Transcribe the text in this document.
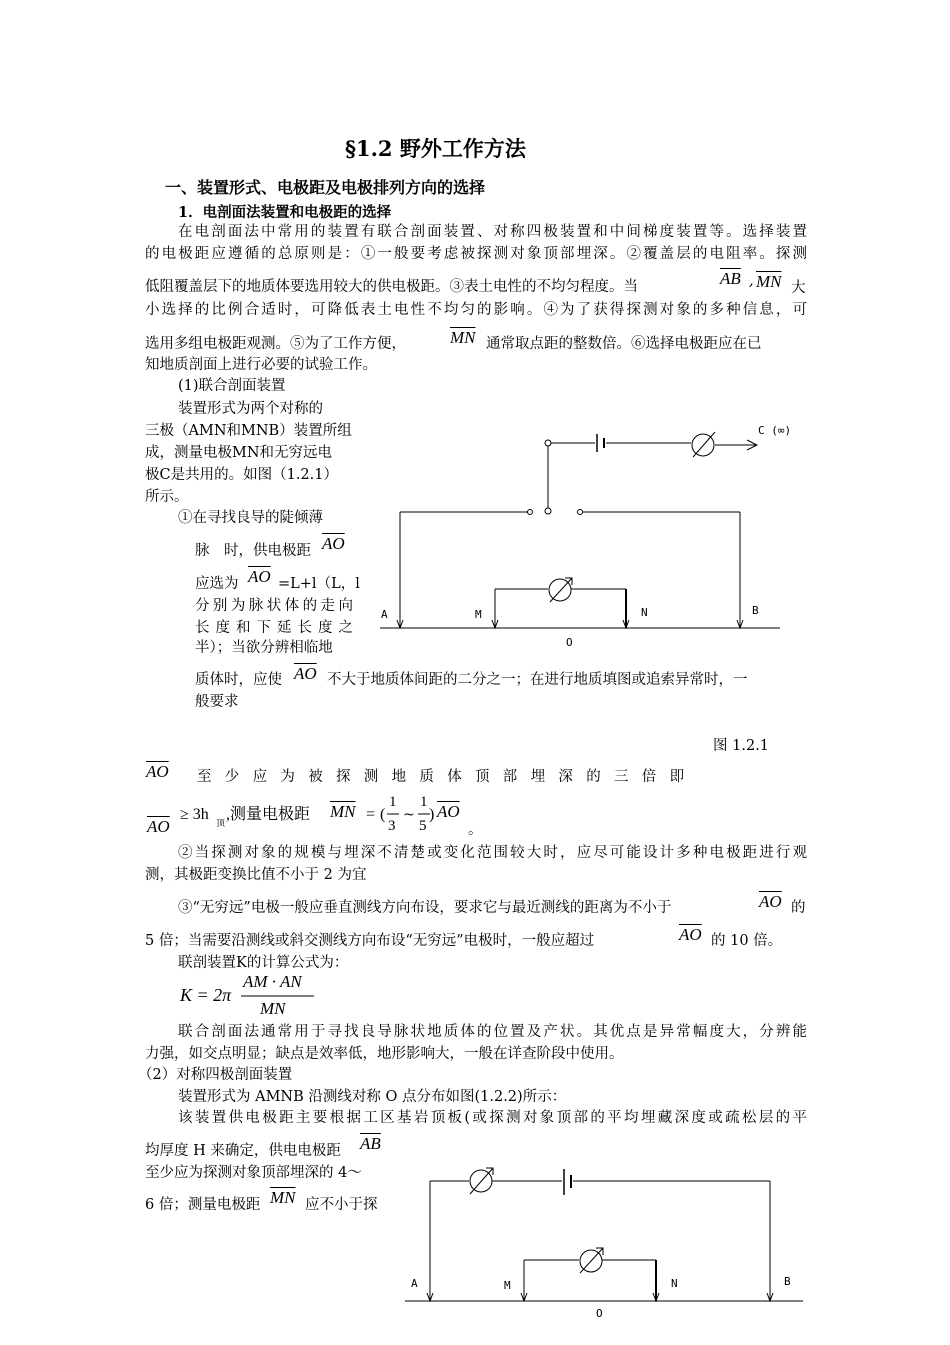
§1.2 野外工作方法
一、装置形式、电极距及电极排列方向的选择
1．电剖面法装置和电极距的选择
在电剖面法中常用的装置有联合剖面装置、对称四极装置和中间梯度装置等。选择装置
的电极距应遵循的总原则是：①一般要考虑被探测对象顶部埋深。②覆盖层的电阻率。探测
低阻覆盖层下的地质体要选用较大的供电极距。③表土电性的不均匀程度。当	$\overline{AB}$ , $\overline{MN}$ 大
小选择的比例合适时，可降低表土电性不均匀的影响。④为了获得探测对象的多种信息，可
选用多组电极距观测。⑤为了工作方便，	$\overline{MN}$ 通常取点距的整数倍。⑥选择电极距应在已
知地质剖面上进行必要的试验工作。
(1)联合剖面装置
装置形式为两个对称的
三极（AMN和MNB）装置所组
成，测量电极MN和无穷远电
极C是共用的。如图（1.2.1）
所示。
①在寻找良导的陡倾薄
脉　时，供电极距 $\overline{AO}$
应选为 $\overline{AO} =L+l(L$，l
分别为脉状体的走向
长度和下延长度之
半）；当欲分辨相临地
质体时，应使 $\overline{AO}$ 不大于地质体间距的二分之一；在进行地质填图或追索异常时，一
般要求
C (∞)
A	M	N	B
O
图 1.2.1
$\overline{AO}$ 至少应为被探测地质体顶部埋深的三倍即
$\overline{AO}$
≥ 3h
顶
,测量电极距 $\overline{MN}$ = (
1
3
~
1
5
) $\overline{AO}$
。
②当探测对象的规模与埋深不清楚或变化范围较大时，应尽可能设计多种电极距进行观
测，其极距变换比值不小于 2 为宜
③“无穷远”电极一般应垂直测线方向布设，要求它与最近测线的距离为不小于	$\overline{AO}$ 的
5 倍；当需要沿测线或斜交测线方向布设“无穷远”电极时，一般应超过	$\overline{AO}$ 的 10 倍。
联剖装置K的计算公式为：
K = 2π
AM · AN
MN
联合剖面法通常用于寻找良导脉状地质体的位置及产状。其优点是异常幅度大，分辨能
力强，如交点明显；缺点是效率低，地形影响大，一般在详查阶段中使用。
（2）对称四极剖面装置
装置形式为 AMNB 沿测线对称 O 点分布如图(1.2.2)所示：
该装置供电极距主要根据工区基岩顶板(或探测对象顶部的平均埋藏深度或疏松层的平
均厚度 H 来确定，供电电极距 $\overline{AB}$
至少应为探测对象顶部埋深的 4～
6 倍；测量电极距 $\overline{MN}$ 应不小于探
A	M	N	B
O
